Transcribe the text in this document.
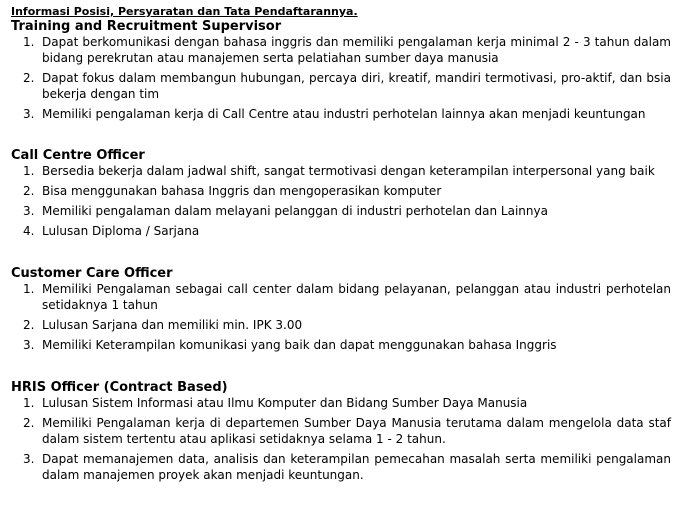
Informasi Posisi, Persyaratan dan Tata Pendaftarannya.
Training and Recruitment Supervisor
1. Dapat berkomunikasi dengan bahasa inggris dan memiliki pengalaman kerja minimal 2 - 3 tahun dalam bidang perekrutan atau manajemen serta pelatiahan sumber daya manusia
2. Dapat fokus dalam membangun hubungan, percaya diri, kreatif, mandiri termotivasi, pro-aktif, dan bsia bekerja dengan tim
3. Memiliki pengalaman kerja di Call Centre atau industri perhotelan lainnya akan menjadi keuntungan
Call Centre Officer
1. Bersedia bekerja dalam jadwal shift, sangat termotivasi dengan keterampilan interpersonal yang baik
2. Bisa menggunakan bahasa Inggris dan mengoperasikan komputer
3. Memiliki pengalaman dalam melayani pelanggan di industri perhotelan dan Lainnya
4. Lulusan Diploma / Sarjana
Customer Care Officer
1. Memiliki Pengalaman sebagai call center dalam bidang pelayanan, pelanggan atau industri perhotelan setidaknya 1 tahun
2. Lulusan Sarjana dan memiliki min. IPK 3.00
3. Memiliki Keterampilan komunikasi yang baik dan dapat menggunakan bahasa Inggris
HRIS Officer (Contract Based)
1. Lulusan Sistem Informasi atau Ilmu Komputer dan Bidang Sumber Daya Manusia
2. Memiliki Pengalaman kerja di departemen Sumber Daya Manusia terutama dalam mengelola data staf dalam sistem tertentu atau aplikasi setidaknya selama 1 - 2 tahun.
3. Dapat memanajemen data, analisis dan keterampilan pemecahan masalah serta memiliki pengalaman dalam manajemen proyek akan menjadi keuntungan.
